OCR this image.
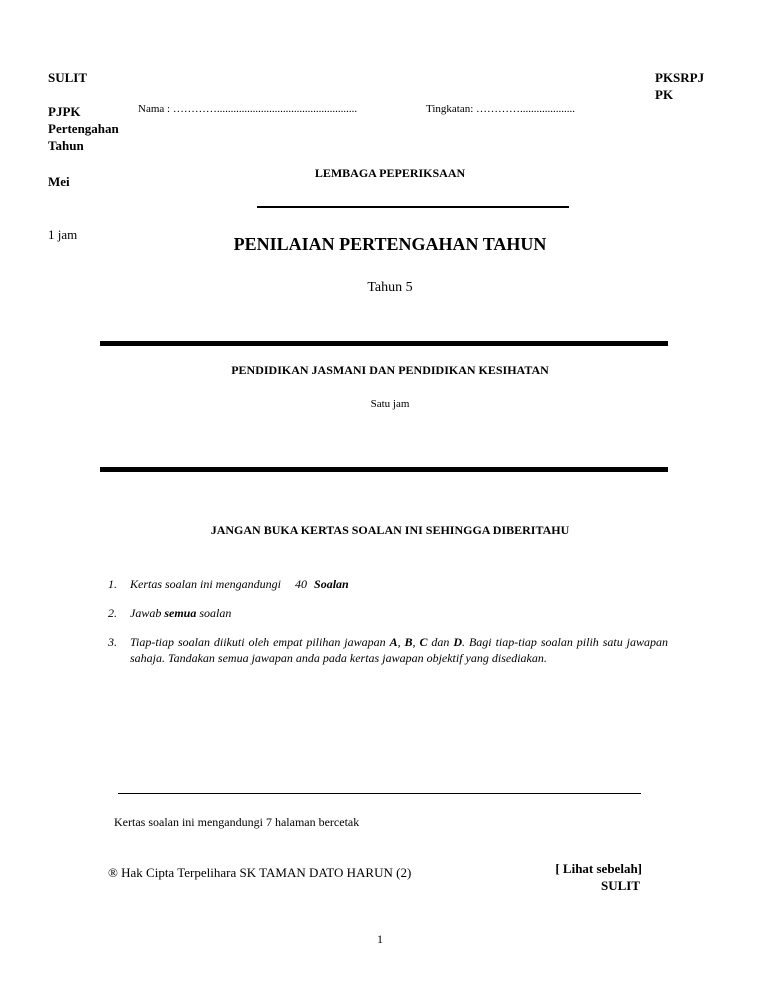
SULIT
PJPK
Pertengahan
Tahun
Mei
1 jam
PKSRPJ
PK
Nama : …………...................................................	Tingkatan: …………....................
LEMBAGA PEPERIKSAAN
PENILAIAN PERTENGAHAN TAHUN
Tahun 5
PENDIDIKAN JASMANI DAN PENDIDIKAN KESIHATAN
Satu jam
JANGAN BUKA KERTAS SOALAN INI SEHINGGA DIBERITAHU
1. Kertas soalan ini mengandungi 40 Soalan
2. Jawab semua soalan
3. Tiap-tiap soalan diikuti oleh empat pilihan jawapan A, B, C dan D. Bagi tiap-tiap soalan pilih satu jawapan sahaja. Tandakan semua jawapan anda pada kertas jawapan objektif yang disediakan.
Kertas soalan ini mengandungi 7 halaman bercetak
® Hak Cipta Terpelihara SK TAMAN DATO HARUN (2)	[ Lihat sebelah]
SULIT
1
